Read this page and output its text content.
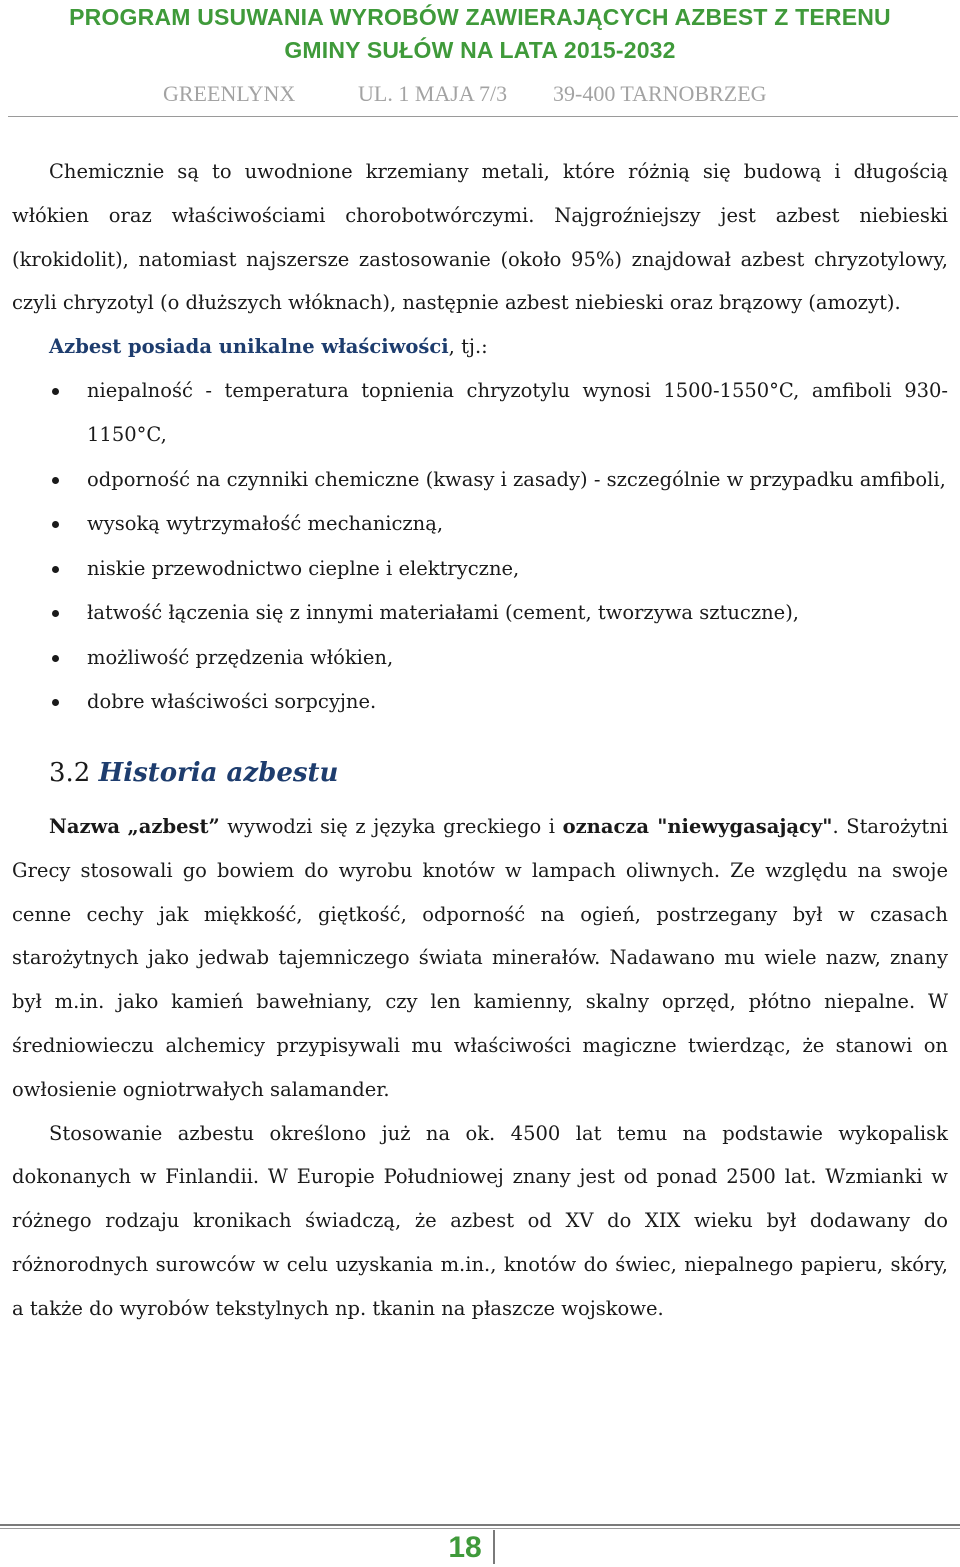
PROGRAM USUWANIA WYROBÓW ZAWIERAJĄCYCH AZBEST Z TERENU
GMINY SUŁÓW NA LATA 2015-2032
GREENLYNX	UL. 1 MAJA 7/3 39-400 TARNOBRZEG

Chemicznie są to uwodnione krzemiany metali, które różnią się budową i długością włókien oraz właściwościami chorobotwórczymi. Najgroźniejszy jest azbest niebieski (krokidolit), natomiast najszersze zastosowanie (około 95%) znajdował azbest chryzotylowy, czyli chryzotyl (o dłuższych włóknach), następnie azbest niebieski oraz brązowy (amozyt).

Azbest posiada unikalne właściwości, tj.:
niepalność - temperatura topnienia chryzotylu wynosi 1500-1550°C, amfiboli 930-1150°C,
odporność na czynniki chemiczne (kwasy i zasady) - szczególnie w przypadku amfiboli,
wysoką wytrzymałość mechaniczną,
niskie przewodnictwo cieplne i elektryczne,
łatwość łączenia się z innymi materiałami (cement, tworzywa sztuczne),
możliwość przędzenia włókien,
dobre właściwości sorpcyjne.
3.2 Historia azbestu

Nazwa „azbest” wywodzi się z języka greckiego i oznacza "niewygasający". Starożytni Grecy stosowali go bowiem do wyrobu knotów w lampach oliwnych. Ze względu na swoje cenne cechy jak miękkość, giętkość, odporność na ogień, postrzegany był w czasach starożytnych jako jedwab tajemniczego świata minerałów. Nadawano mu wiele nazw, znany był m.in. jako kamień bawełniany, czy len kamienny, skalny oprzęd, płótno niepalne. W średniowieczu alchemicy przypisywali mu właściwości magiczne twierdząc, że stanowi on owłosienie ogniotrwałych salamander.

Stosowanie azbestu określono już na ok. 4500 lat temu na podstawie wykopalisk dokonanych w Finlandii. W Europie Południowej znany jest od ponad 2500 lat. Wzmianki w różnego rodzaju kronikach świadczą, że azbest od XV do XIX wieku był dodawany do różnorodnych surowców w celu uzyskania m.in., knotów do świec, niepalnego papieru, skóry, a także do wyrobów tekstylnych np. tkanin na płaszcze wojskowe.

18
